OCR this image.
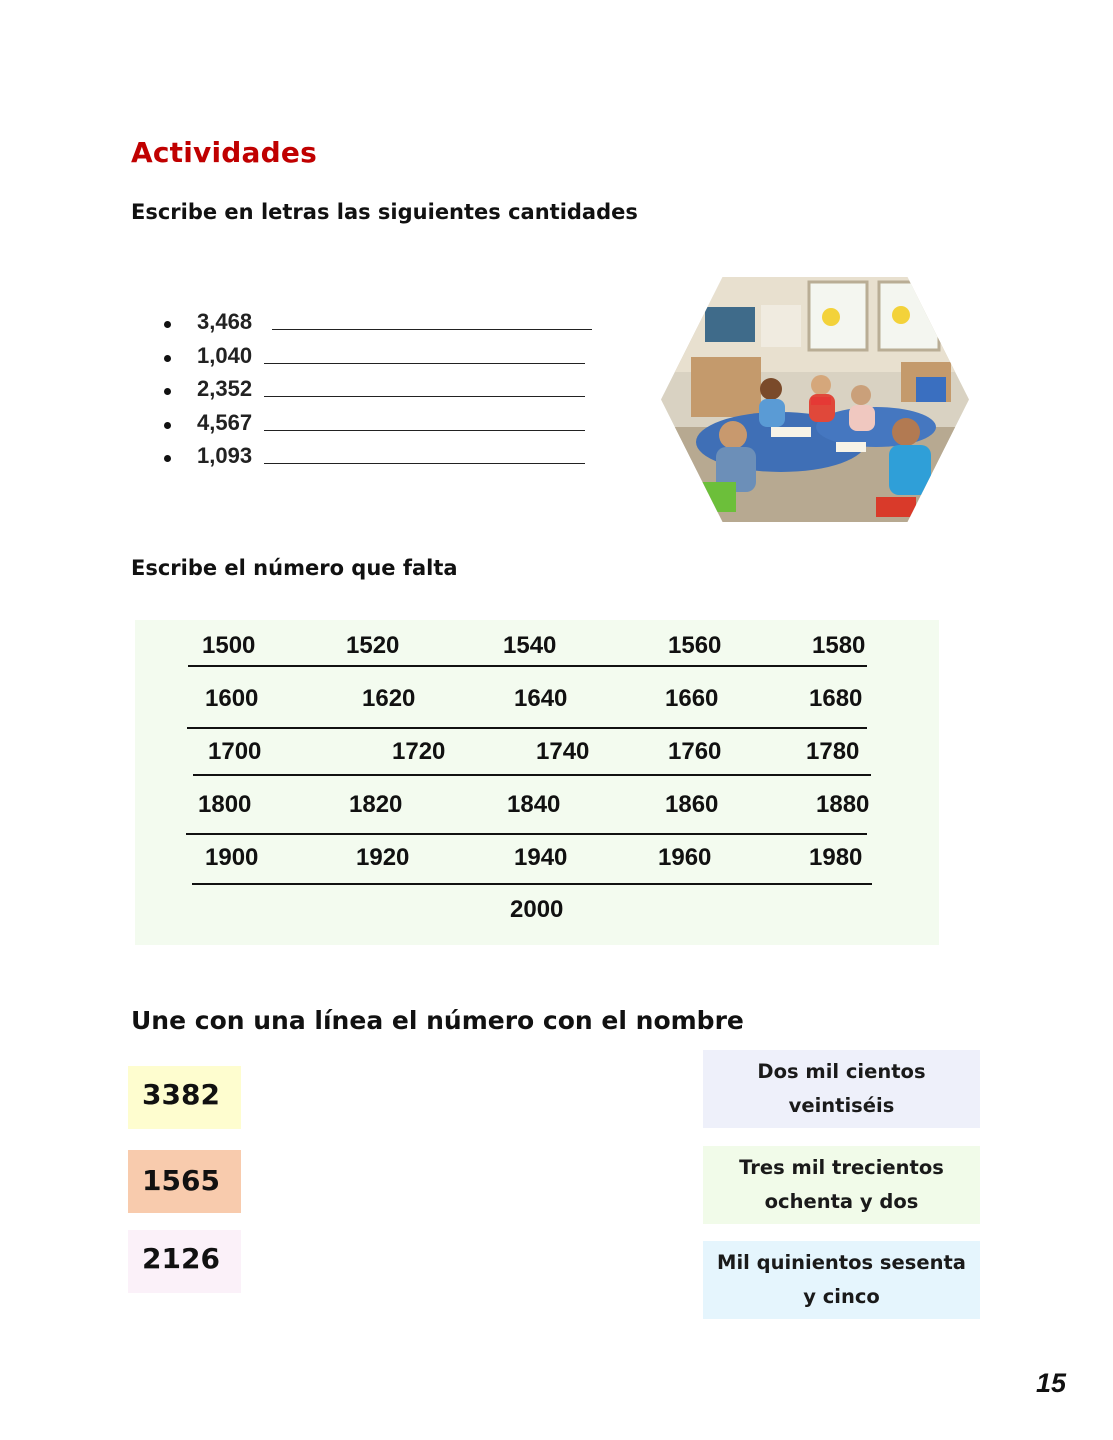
Actividades
Escribe en letras las siguientes cantidades
3,468
1,040
2,352
4,567
1,093
Escribe el número que falta
1500	1520	1540	1560	1580
1600	1620	1640	1660	1680
1700	1720	1740	1760	1780
1800	1820	1840	1860	1880
1900	1920	1940	1960	1980
2000
Une con una línea el número con el nombre
3382
1565
2126
Dos mil cientos veintiséis
Tres mil trecientos ochenta y dos
Mil quinientos sesenta y cinco
15
